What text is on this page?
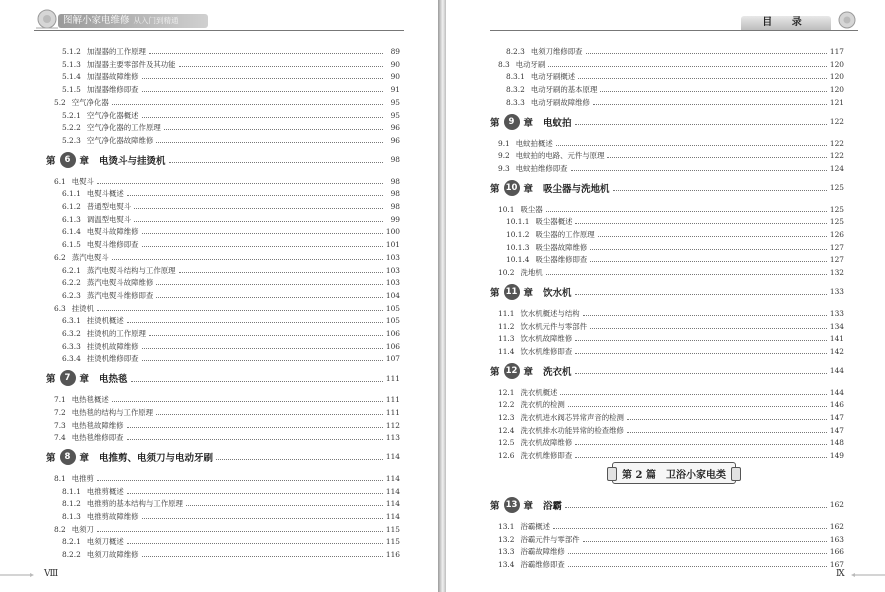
图解小家电维修 从入门到精通
5.1.2 加湿器的工作原理	89
5.1.3 加湿器主要零部件及其功能	90
5.1.4 加湿器故障维修	90
5.1.5 加湿器维修即查	91
5.2 空气净化器	95
5.2.1 空气净化器概述	95
5.2.2 空气净化器的工作原理	96
5.2.3 空气净化器故障维修	96
第	6 章 电烫斗与挂烫机	98
6.1 电熨斗	98
6.1.1 电熨斗概述	98
6.1.2 普通型电熨斗	98
6.1.3 调温型电熨斗	99
6.1.4 电熨斗故障维修	100
6.1.5 电熨斗维修即查	101
6.2 蒸汽电熨斗	103
6.2.1 蒸汽电熨斗结构与工作原理	103
6.2.2 蒸汽电熨斗故障维修	103
6.2.3 蒸汽电熨斗维修即查	104
6.3 挂烫机	105
6.3.1 挂烫机概述	105
6.3.2 挂烫机的工作原理	106
6.3.3 挂烫机故障维修	106
6.3.4 挂烫机维修即查	107
第	7 章 电热毯	111
7.1 电热毯概述	111
7.2 电热毯的结构与工作原理	111
7.3 电热毯故障维修	112
7.4 电热毯维修即查	113
第	8 章 电推剪、电须刀与电动牙刷	114
8.1 电推剪	114
8.1.1 电推剪概述	114
8.1.2 电推剪的基本结构与工作原理	114
8.1.3 电推剪故障维修	114
8.2 电须刀	115
8.2.1 电须刀概述	115
8.2.2 电须刀故障维修	116
Ⅷ
目 录
8.2.3 电须刀维修即查	117
8.3 电动牙刷	120
8.3.1 电动牙刷概述	120
8.3.2 电动牙刷的基本原理	120
8.3.3 电动牙刷故障维修	121
第	9 章 电蚊拍	122
9.1 电蚊拍概述	122
9.2 电蚊拍的电路、元件与原理	122
9.3 电蚊拍维修即查	124
第 10 章 吸尘器与洗地机	125
10.1 吸尘器	125
10.1.1 吸尘器概述	125
10.1.2 吸尘器的工作原理	126
10.1.3 吸尘器故障维修	127
10.1.4 吸尘器维修即查	127
10.2 洗地机	132
第 11 章 饮水机	133
11.1 饮水机概述与结构	133
11.2 饮水机元件与零部件	134
11.3 饮水机故障维修	141
11.4 饮水机维修即查	142
第 12 章 洗衣机	144
12.1 洗衣机概述	144
12.2 洗衣机的检测	146
12.3 洗衣机进水阀芯异常声音的检测	147
12.4 洗衣机排水功能异常的检查维修	147
12.5 洗衣机故障维修	148
12.6 洗衣机维修即查	149
第 2 篇　卫浴小家电类
第 13 章 浴霸	162
13.1 浴霸概述	162
13.2 浴霸元件与零部件	163
13.3 浴霸故障维修	166
13.4 浴霸维修即查	167
Ⅸ
